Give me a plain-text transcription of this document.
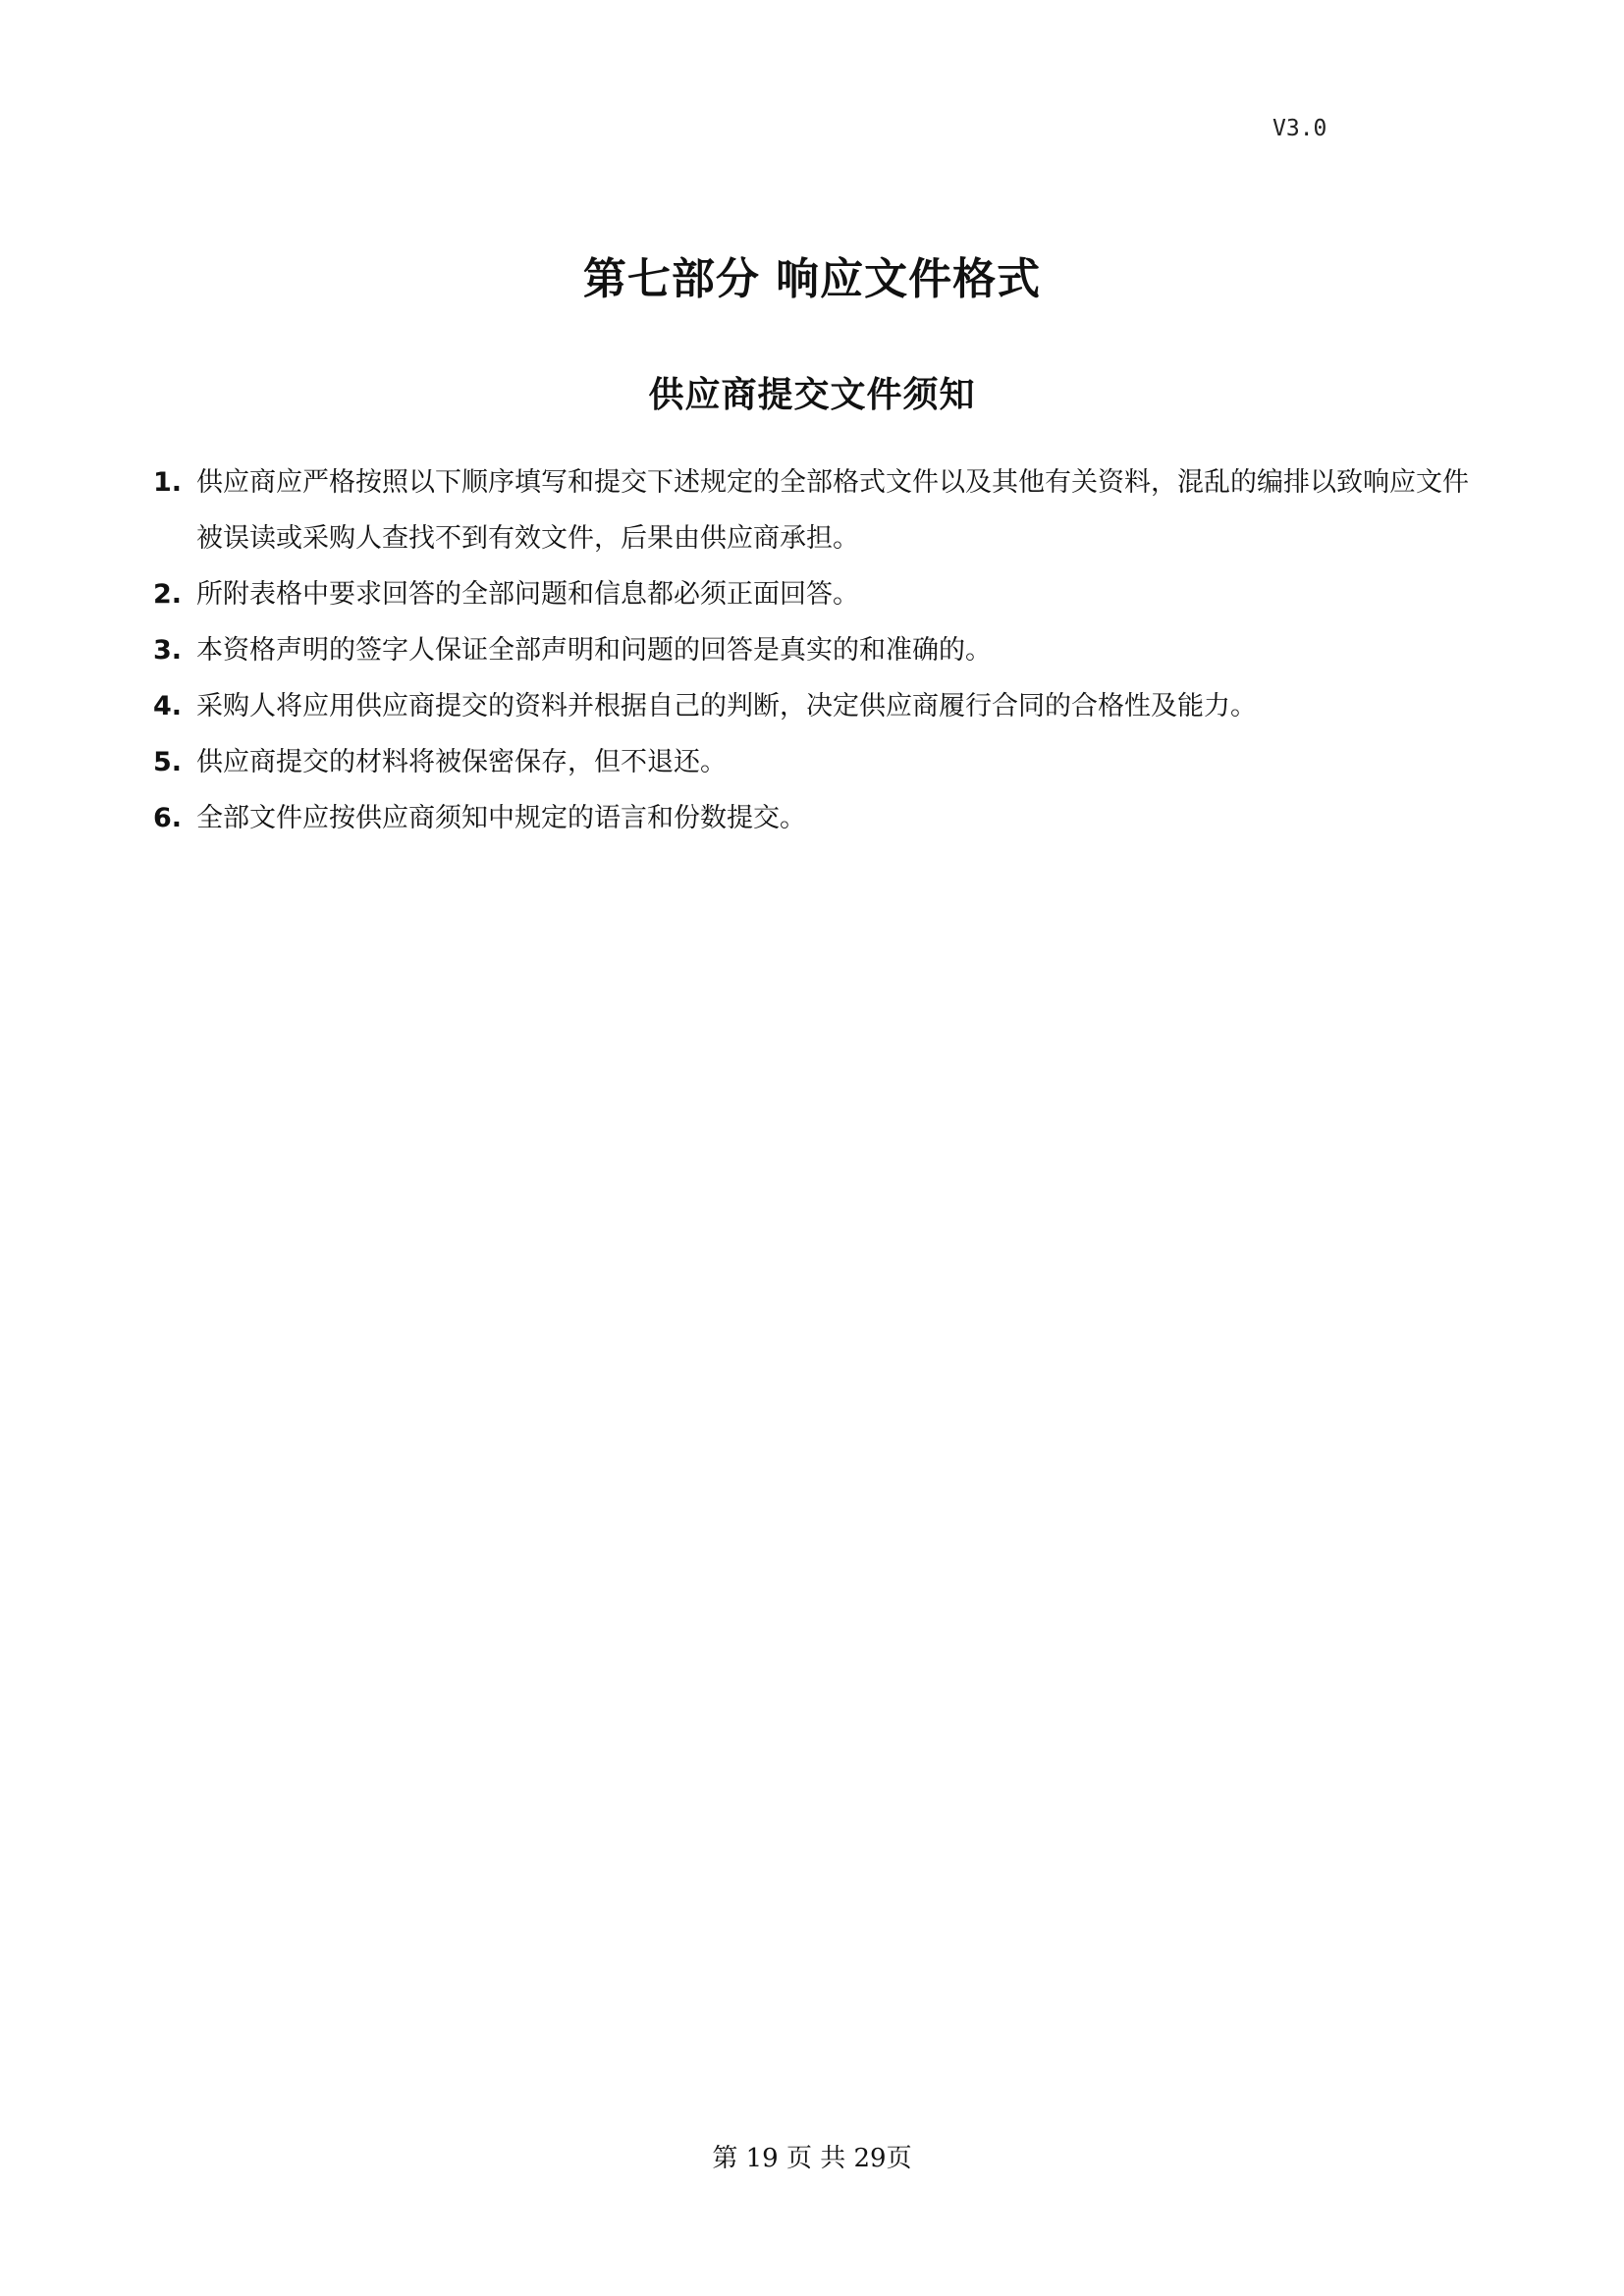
V3.0
第七部分 响应文件格式
供应商提交文件须知
1. 供应商应严格按照以下顺序填写和提交下述规定的全部格式文件以及其他有关资料，混乱的编排以致响应文件被误读或采购人查找不到有效文件，后果由供应商承担。
2. 所附表格中要求回答的全部问题和信息都必须正面回答。
3. 本资格声明的签字人保证全部声明和问题的回答是真实的和准确的。
4. 采购人将应用供应商提交的资料并根据自己的判断，决定供应商履行合同的合格性及能力。
5. 供应商提交的材料将被保密保存，但不退还。
6. 全部文件应按供应商须知中规定的语言和份数提交。
第 19 页 共 29页
